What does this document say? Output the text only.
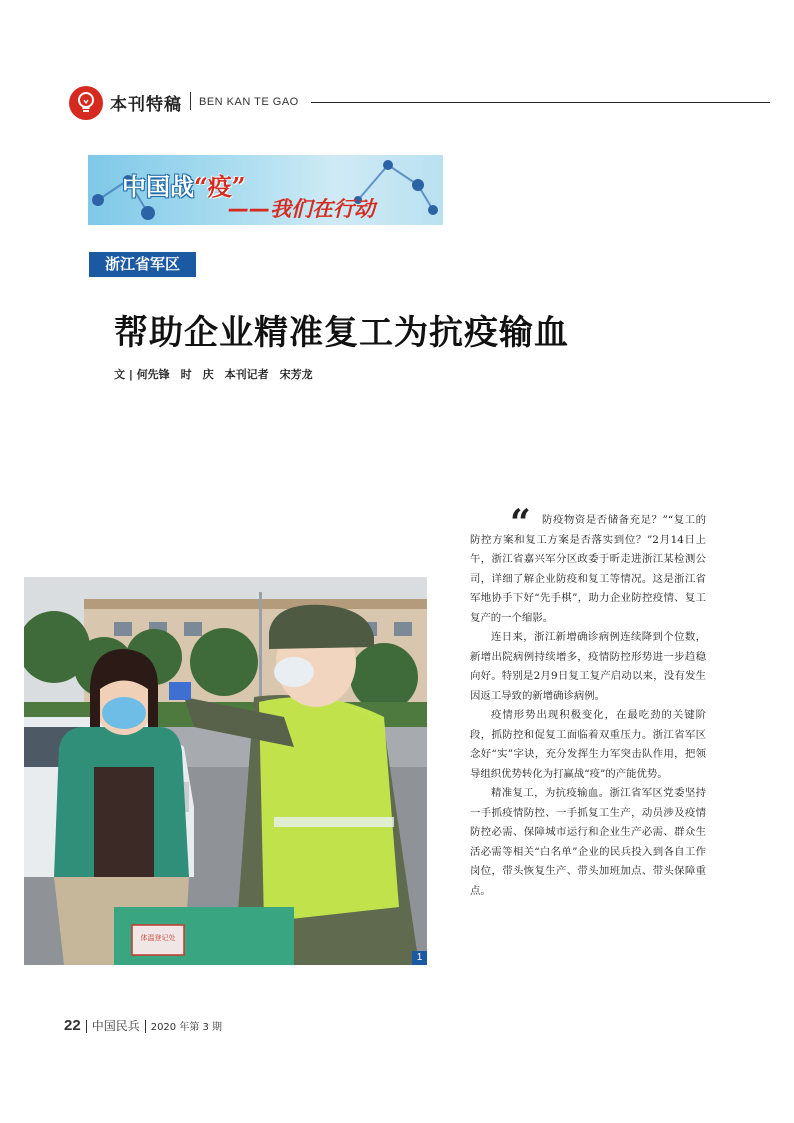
本刊特稿 BEN KAN TE GAO
中国战“疫”
——我们在行动
浙江省军区
帮助企业精准复工为抗疫输血
文 | 何先锋　时　庆　本刊记者　宋芳龙
体温登记处
1
“	防疫物资是否储备充足？”“复工的防控方案和复工方案是否落实到位？”2月14日上午，浙江省嘉兴军分区政委于昕走进浙江某检测公司，详细了解企业防疫和复工等情况。这是浙江省军地协手下好“先手棋”，助力企业防控疫情、复工复产的一个缩影。

连日来，浙江新增确诊病例连续降到个位数，新增出院病例持续增多，疫情防控形势进一步趋稳向好。特别是2月9日复工复产启动以来，没有发生因返工导致的新增确诊病例。

疫情形势出现积极变化，在最吃劲的关键阶段，抓防控和促复工面临着双重压力。浙江省军区念好“实”字诀，充分发挥生力军突击队作用，把领导组织优势转化为打赢战“疫”的产能优势。

精准复工，为抗疫输血。浙江省军区党委坚持一手抓疫情防控、一手抓复工生产，动员涉及疫情防控必需、保障城市运行和企业生产必需、群众生活必需等相关“白名单”企业的民兵投入到各自工作岗位，带头恢复生产、带头加班加点、带头保障重点。

22 中国民兵 2020 年第 3 期
